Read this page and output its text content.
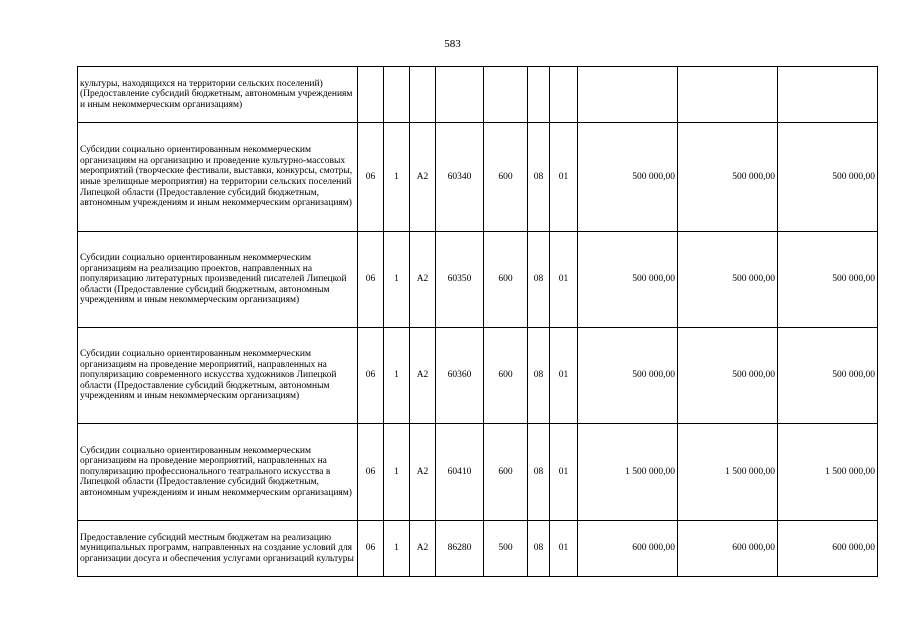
583
культуры, находящихся на территории сельских поселений) (Предоставление субсидий бюджетным, автономным учреждениям и иным некоммерческим организациям)										
Субсидии социально ориентированным некоммерческим организациям на организацию и проведение культурно-массовых мероприятий (творческие фестивали, выставки, конкурсы, смотры, иные зрелищные мероприятия) на территории сельских поселений Липецкой области (Предоставление субсидий бюджетным, автономным учреждениям и иным некоммерческим организациям)	06	1	А2	60340	600	08	01	500 000,00	500 000,00	500 000,00
Субсидии социально ориентированным некоммерческим организациям на реализацию проектов, направленных на популяризацию литературных произведений писателей Липецкой области (Предоставление субсидий бюджетным, автономным учреждениям и иным некоммерческим организациям)	06	1	А2	60350	600	08	01	500 000,00	500 000,00	500 000,00
Субсидии социально ориентированным некоммерческим организациям на проведение мероприятий, направленных на популяризацию современного искусства художников Липецкой области (Предоставление субсидий бюджетным, автономным учреждениям и иным некоммерческим организациям)	06	1	А2	60360	600	08	01	500 000,00	500 000,00	500 000,00
Субсидии социально ориентированным некоммерческим организациям на проведение мероприятий, направленных на популяризацию профессионального театрального искусства в Липецкой области (Предоставление субсидий бюджетным, автономным учреждениям и иным некоммерческим организациям)	06	1	А2	60410	600	08	01	1 500 000,00	1 500 000,00	1 500 000,00
Предоставление субсидий местным бюджетам на реализацию муниципальных программ, направленных на создание условий для организации досуга и обеспечения услугами организаций культуры	06	1	А2	86280	500	08	01	600 000,00	600 000,00	600 000,00
